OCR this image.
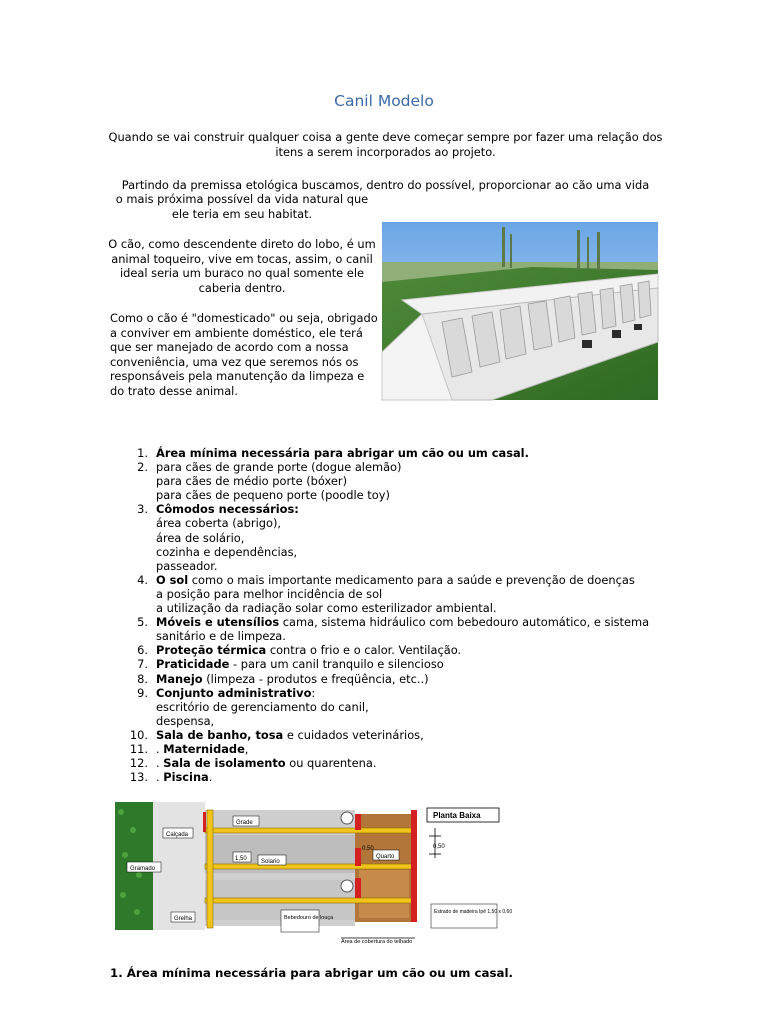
Canil Modelo
Quando se vai construir qualquer coisa a gente deve começar sempre por fazer uma relação dos itens a serem incorporados ao projeto.
Partindo da premissa etológica buscamos, dentro do possível, proporcionar ao cão uma vida
o mais próxima possível da vida natural que ele teria em seu habitat.
O cão, como descendente direto do lobo, é um animal toqueiro, vive em tocas, assim, o canil ideal seria um buraco no qual somente ele caberia dentro.
Como o cão é "domesticado" ou seja, obrigado a conviver em ambiente doméstico, ele terá que ser manejado de acordo com a nossa conveniência, uma vez que seremos nós os responsáveis pela manutenção da limpeza e do trato desse animal.
1. Área mínima necessária para abrigar um cão ou um casal.
2. para cães de grande porte (dogue alemão)
para cães de médio porte (bóxer)
para cães de pequeno porte (poodle toy)
3. Cômodos necessários:
área coberta (abrigo),
área de solário,
cozinha e dependências,
passeador.
4. O sol como o mais importante medicamento para a saúde e prevenção de doenças
a posição para melhor incidência de sol
a utilização da radiação solar como esterilizador ambiental.
5. Móveis e utensílios cama, sistema hidráulico com bebedouro automático, e sistema
sanitário e de limpeza.
6. Proteção térmica contra o frio e o calor. Ventilação.
7. Praticidade - para um canil tranquilo e silencioso
8. Manejo (limpeza - produtos e freqüência, etc..)
9. Conjunto administrativo:
escritório de gerenciamento do canil,
despensa,
10. Sala de banho, tosa e cuidados veterinários,
11. . Maternidade,
12. . Sala de isolamento ou quarentena.
13. . Piscina.
Calçada
Gramado
Grade
Solario
1,50	Quarto
0,50
Grelha	Bebedouro de louça
Planta Baixa
0,50
Estrado de madeira Ipê 1,50 x 0,60
Área de cobertura do telhado
1. Área mínima necessária para abrigar um cão ou um casal.
